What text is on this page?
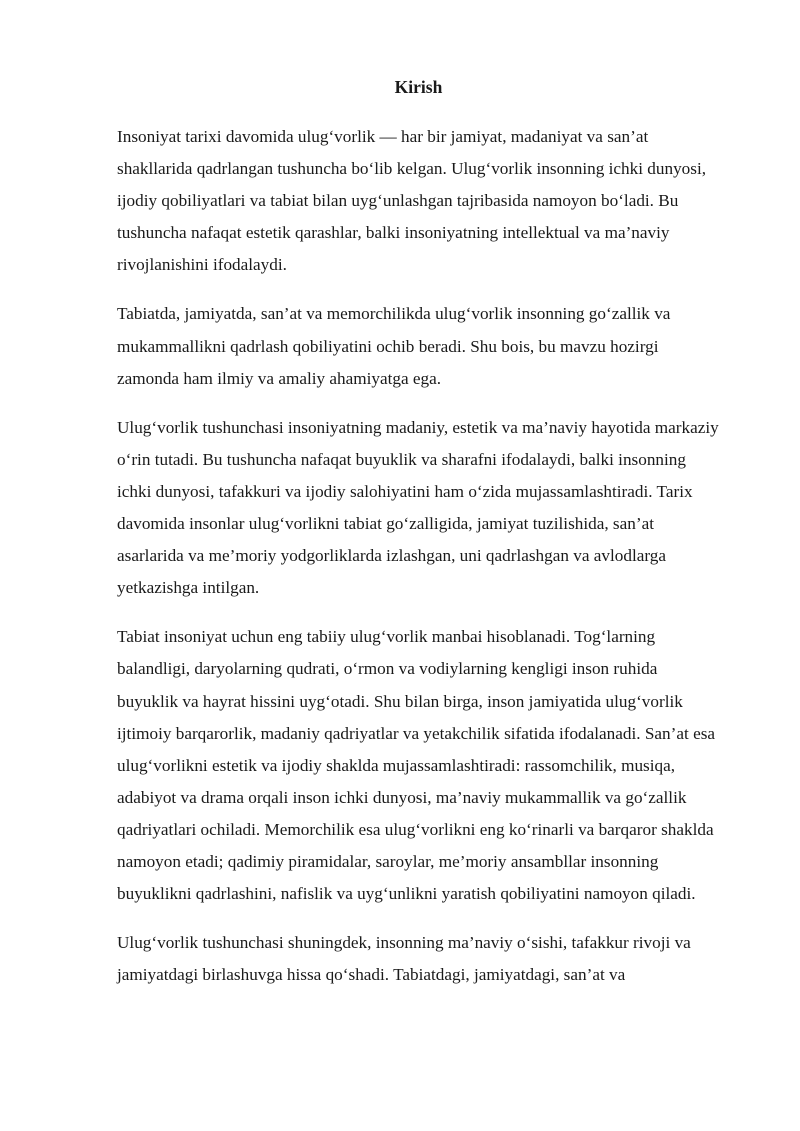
Kirish

Insoniyat tarixi davomida ulug‘vorlik — har bir jamiyat, madaniyat va san’at shakllarida qadrlangan tushuncha bo‘lib kelgan. Ulug‘vorlik insonning ichki dunyosi, ijodiy qobiliyatlari va tabiat bilan uyg‘unlashgan tajribasida namoyon bo‘ladi. Bu tushuncha nafaqat estetik qarashlar, balki insoniyatning intellektual va ma’naviy rivojlanishini ifodalaydi.

Tabiatda, jamiyatda, san’at va memorchilikda ulug‘vorlik insonning go‘zallik va mukammallikni qadrlash qobiliyatini ochib beradi. Shu bois, bu mavzu hozirgi zamonda ham ilmiy va amaliy ahamiyatga ega.

Ulug‘vorlik tushunchasi insoniyatning madaniy, estetik va ma’naviy hayotida markaziy o‘rin tutadi. Bu tushuncha nafaqat buyuklik va sharafni ifodalaydi, balki insonning ichki dunyosi, tafakkuri va ijodiy salohiyatini ham o‘zida mujassamlashtiradi. Tarix davomida insonlar ulug‘vorlikni tabiat go‘zalligida, jamiyat tuzilishida, san’at asarlarida va me’moriy yodgorliklarda izlashgan, uni qadrlashgan va avlodlarga yetkazishga intilgan.

Tabiat insoniyat uchun eng tabiiy ulug‘vorlik manbai hisoblanadi. Tog‘larning balandligi, daryolarning qudrati, o‘rmon va vodiylarning kengligi inson ruhida buyuklik va hayrat hissini uyg‘otadi. Shu bilan birga, inson jamiyatida ulug‘vorlik ijtimoiy barqarorlik, madaniy qadriyatlar va yetakchilik sifatida ifodalanadi. San’at esa ulug‘vorlikni estetik va ijodiy shaklda mujassamlashtiradi: rassomchilik, musiqa, adabiyot va drama orqali inson ichki dunyosi, ma’naviy mukammallik va go‘zallik qadriyatlari ochiladi. Memorchilik esa ulug‘vorlikni eng ko‘rinarli va barqaror shaklda namoyon etadi; qadimiy piramidalar, saroylar, me’moriy ansambllar insonning buyuklikni qadrlashini, nafislik va uyg‘unlikni yaratish qobiliyatini namoyon qiladi.

Ulug‘vorlik tushunchasi shuningdek, insonning ma’naviy o‘sishi, tafakkur rivoji va jamiyatdagi birlashuvga hissa qo‘shadi. Tabiatdagi, jamiyatdagi, san’at va
